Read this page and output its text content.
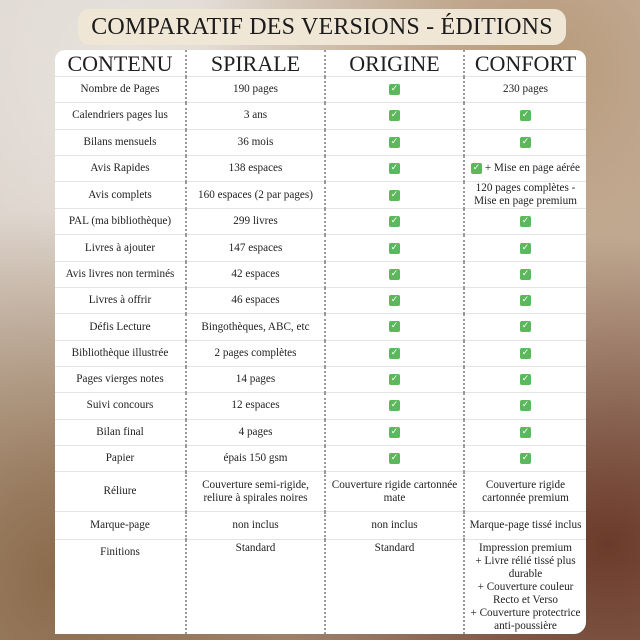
COMPARATIF DES VERSIONS - ÉDITIONS
CONTENU	SPIRALE	ORIGINE	CONFORT
Nombre de Pages	190 pages	✓	230 pages
Calendriers pages lus	3 ans	✓	✓
Bilans mensuels	36 mois	✓	✓
Avis Rapides	138 espaces	✓	✓ + Mise en page aérée
Avis complets	160 espaces (2 par pages)	✓	120 pages complètes - Mise en page premium
PAL (ma bibliothèque)	299 livres	✓	✓
Livres à ajouter	147 espaces	✓	✓
Avis livres non terminés	42 espaces	✓	✓
Livres à offrir	46 espaces	✓	✓
Défis Lecture	Bingothèques, ABC, etc	✓	✓
Bibliothèque illustrée	2 pages complètes	✓	✓
Pages vierges notes	14 pages	✓	✓
Suivi concours	12 espaces	✓	✓
Bilan final	4 pages	✓	✓
Papier	épais 150 gsm	✓	✓
Réliure	Couverture semi-rigide, reliure à spirales noires	Couverture rigide cartonnée mate	Couverture rigide cartonnée premium
Marque-page	non inclus	non inclus	Marque-page tissé inclus
Finitions	Standard	Standard	Impression premium
+ Livre rélié tissé plus durable
+ Couverture couleur Recto et Verso
+ Couverture protectrice anti-poussière
